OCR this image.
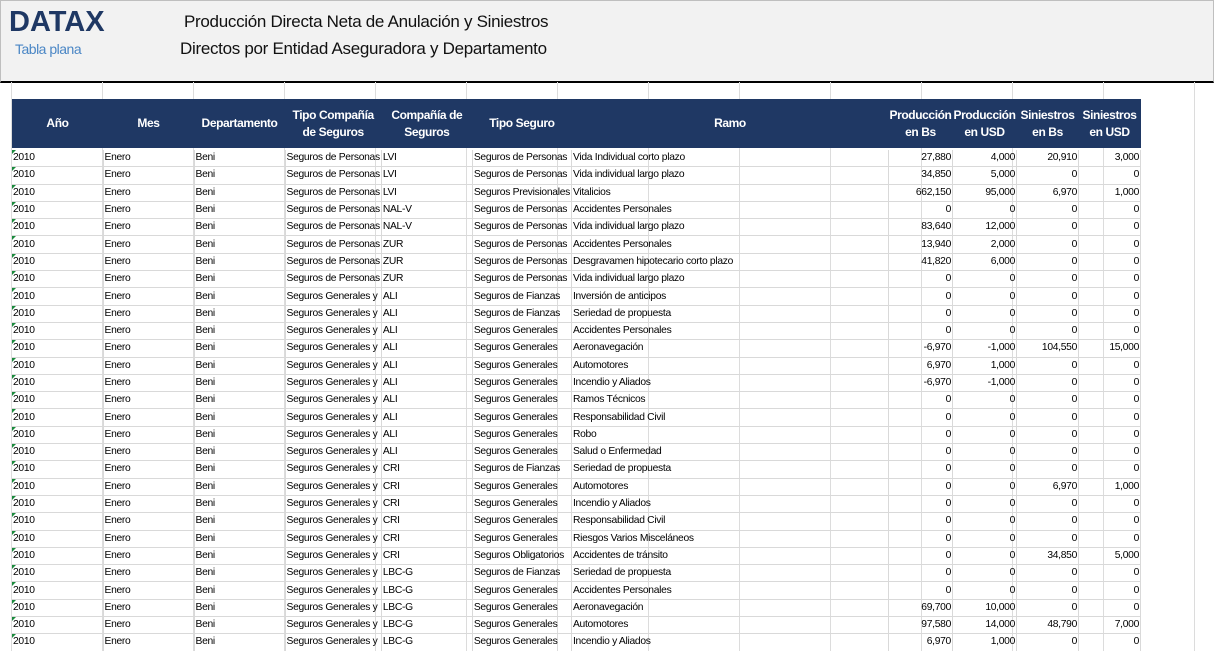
DATAX
Tabla plana
Producción Directa Neta de Anulación y Siniestros
Directos por Entidad Aseguradora y Departamento
Año	Mes	Departamento	Tipo Compañía de Seguros	Compañía de Seguros	Tipo Seguro	Ramo	Producción en Bs	Producción en USD	Siniestros en Bs	Siniestros en USD

2010	Enero	Beni	Seguros de Personas	LVI	Seguros de Personas	Vida Individual corto plazo	27,880	4,000	20,910	3,000
2010	Enero	Beni	Seguros de Personas	LVI	Seguros de Personas	Vida individual largo plazo	34,850	5,000	0	0
2010	Enero	Beni	Seguros de Personas	LVI	Seguros Previsionales	Vitalicios	662,150	95,000	6,970	1,000
2010	Enero	Beni	Seguros de Personas	NAL-V	Seguros de Personas	Accidentes Personales	0	0	0	0
2010	Enero	Beni	Seguros de Personas	NAL-V	Seguros de Personas	Vida individual largo plazo	83,640	12,000	0	0
2010	Enero	Beni	Seguros de Personas	ZUR	Seguros de Personas	Accidentes Personales	13,940	2,000	0	0
2010	Enero	Beni	Seguros de Personas	ZUR	Seguros de Personas	Desgravamen hipotecario corto plazo	41,820	6,000	0	0
2010	Enero	Beni	Seguros de Personas	ZUR	Seguros de Personas	Vida individual largo plazo	0	0	0	0
2010	Enero	Beni	Seguros Generales y	ALI	Seguros de Fianzas	Inversión de anticipos	0	0	0	0
2010	Enero	Beni	Seguros Generales y	ALI	Seguros de Fianzas	Seriedad de propuesta	0	0	0	0
2010	Enero	Beni	Seguros Generales y	ALI	Seguros Generales	Accidentes Personales	0	0	0	0
2010	Enero	Beni	Seguros Generales y	ALI	Seguros Generales	Aeronavegación	-6,970	-1,000	104,550	15,000
2010	Enero	Beni	Seguros Generales y	ALI	Seguros Generales	Automotores	6,970	1,000	0	0
2010	Enero	Beni	Seguros Generales y	ALI	Seguros Generales	Incendio y Aliados	-6,970	-1,000	0	0
2010	Enero	Beni	Seguros Generales y	ALI	Seguros Generales	Ramos Técnicos	0	0	0	0
2010	Enero	Beni	Seguros Generales y	ALI	Seguros Generales	Responsabilidad Civil	0	0	0	0
2010	Enero	Beni	Seguros Generales y	ALI	Seguros Generales	Robo	0	0	0	0
2010	Enero	Beni	Seguros Generales y	ALI	Seguros Generales	Salud o Enfermedad	0	0	0	0
2010	Enero	Beni	Seguros Generales y	CRI	Seguros de Fianzas	Seriedad de propuesta	0	0	0	0
2010	Enero	Beni	Seguros Generales y	CRI	Seguros Generales	Automotores	0	0	6,970	1,000
2010	Enero	Beni	Seguros Generales y	CRI	Seguros Generales	Incendio y Aliados	0	0	0	0
2010	Enero	Beni	Seguros Generales y	CRI	Seguros Generales	Responsabilidad Civil	0	0	0	0
2010	Enero	Beni	Seguros Generales y	CRI	Seguros Generales	Riesgos Varios Misceláneos	0	0	0	0
2010	Enero	Beni	Seguros Generales y	CRI	Seguros Obligatorios	Accidentes de tránsito	0	0	34,850	5,000
2010	Enero	Beni	Seguros Generales y	LBC-G	Seguros de Fianzas	Seriedad de propuesta	0	0	0	0
2010	Enero	Beni	Seguros Generales y	LBC-G	Seguros Generales	Accidentes Personales	0	0	0	0
2010	Enero	Beni	Seguros Generales y	LBC-G	Seguros Generales	Aeronavegación	69,700	10,000	0	0
2010	Enero	Beni	Seguros Generales y	LBC-G	Seguros Generales	Automotores	97,580	14,000	48,790	7,000
2010	Enero	Beni	Seguros Generales y	LBC-G	Seguros Generales	Incendio y Aliados	6,970	1,000	0	0
